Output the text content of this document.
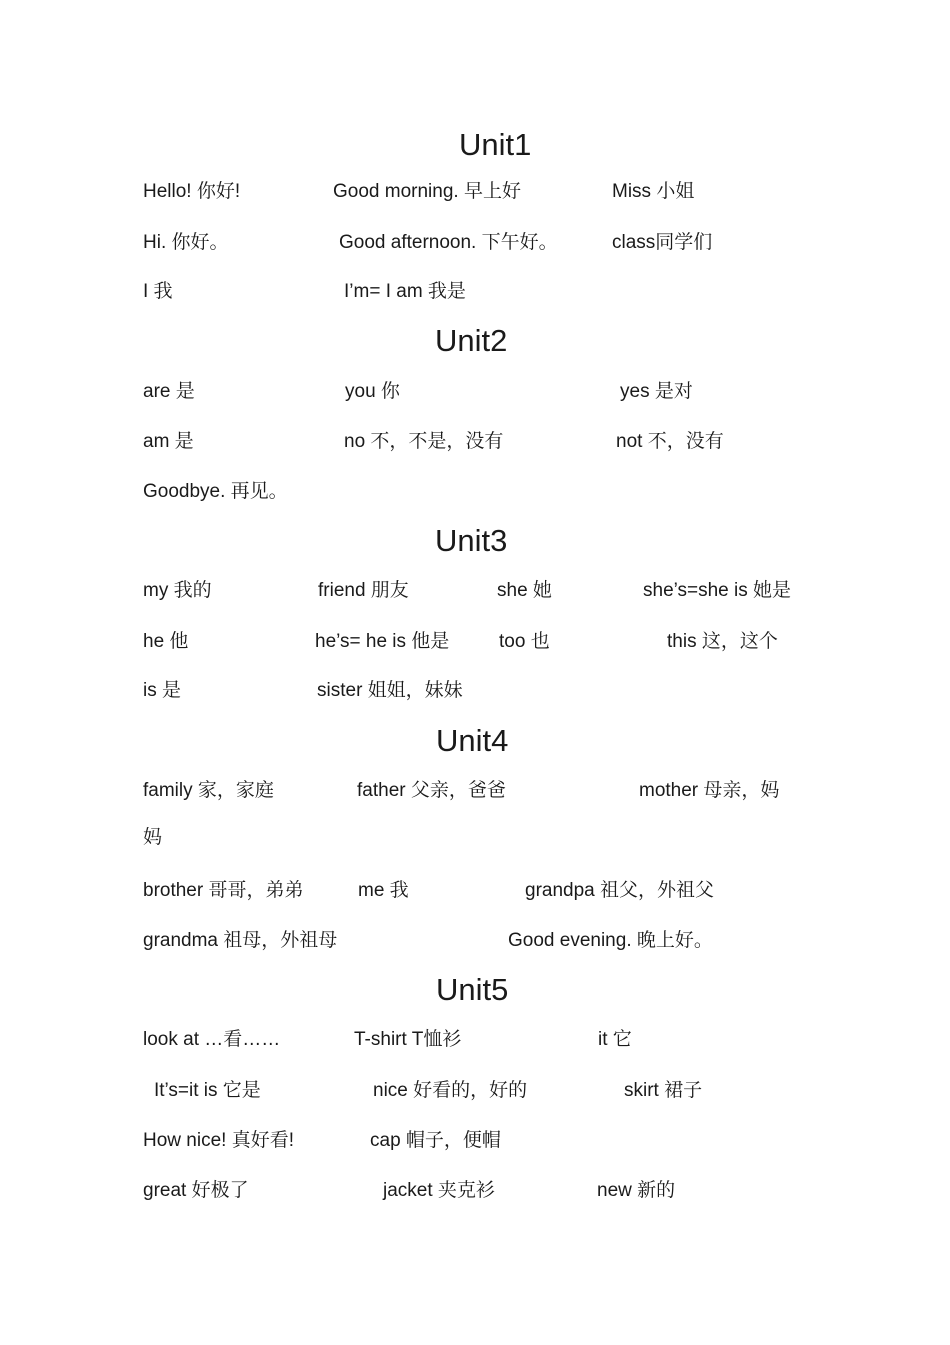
Unit1
Hello! 你好!	Good morning. 早上好	Miss 小姐
Hi. 你好。	Good afternoon. 下午好。	class同学们
I 我	I’m= I am 我是
Unit2
are 是	you 你	yes 是对
am 是	no 不，不是，没有	not 不，没有
Goodbye. 再见。
Unit3
my 我的	friend 朋友	she 她	she’s=she is 她是
he 他	he’s= he is 他是	too 也	this 这，这个
is 是	sister 姐姐，妹妹
Unit4
family 家，家庭	father 父亲，爸爸	mother 母亲，妈
妈
brother 哥哥，弟弟	me 我	grandpa 祖父，外祖父
grandma 祖母，外祖母	Good evening. 晚上好。
Unit5
look at …看……	T-shirt T恤衫	it 它
It’s=it is 它是	nice 好看的，好的	skirt 裙子
How nice! 真好看!	cap 帽子，便帽
great 好极了	jacket 夹克衫	new 新的
